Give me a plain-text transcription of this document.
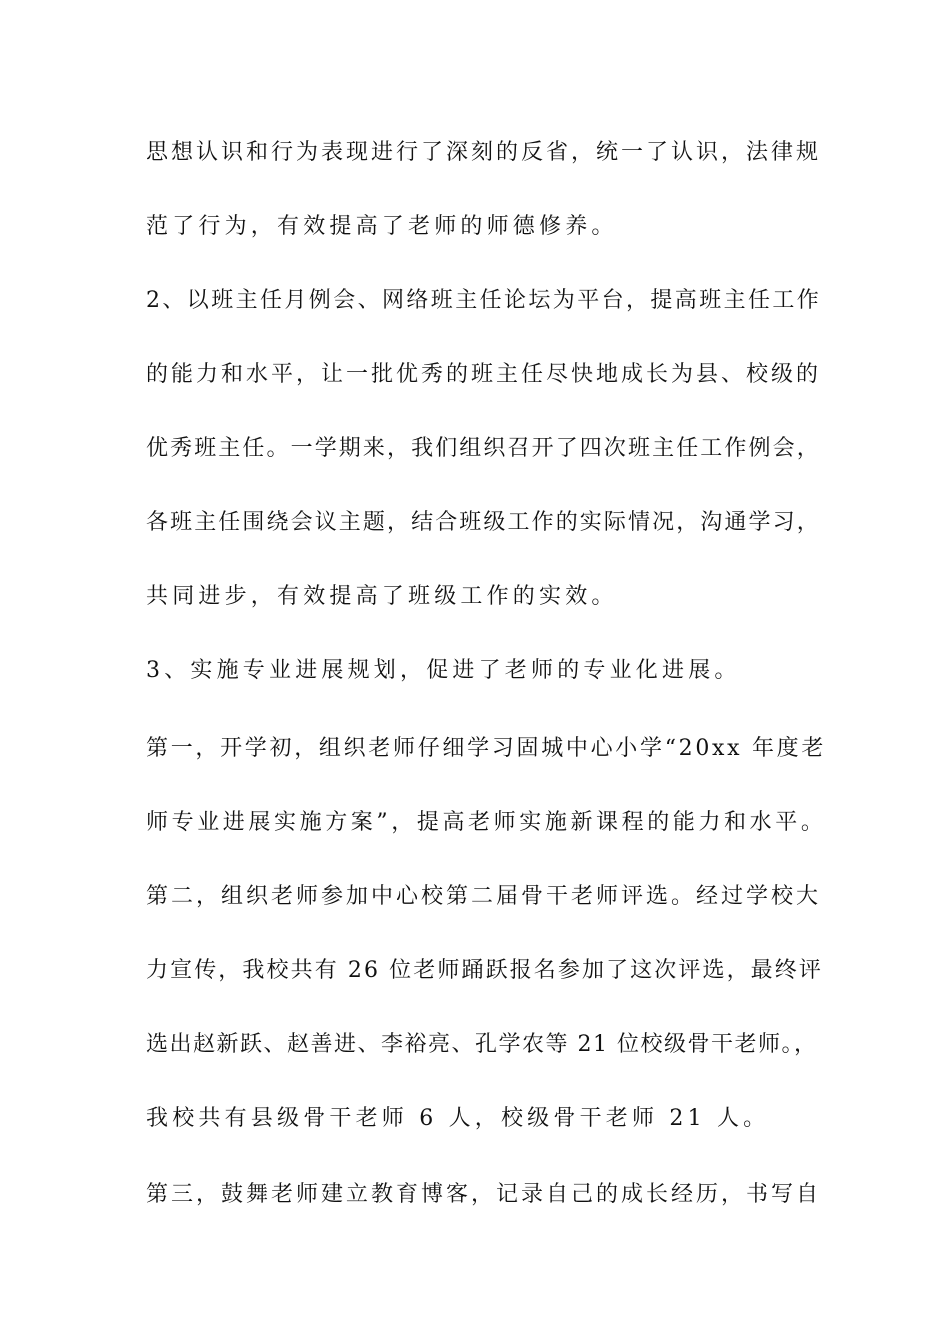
思想认识和行为表现进行了深刻的反省，统一了认识，法律规
范了行为，有效提高了老师的师德修养。
2、以班主任月例会、网络班主任论坛为平台，提高班主任工作
的能力和水平，让一批优秀的班主任尽快地成长为县、校级的
优秀班主任。一学期来，我们组织召开了四次班主任工作例会，
各班主任围绕会议主题，结合班级工作的实际情况，沟通学习，
共同进步，有效提高了班级工作的实效。
3、实施专业进展规划，促进了老师的专业化进展。
第一，开学初，组织老师仔细学习固城中心小学“20xx 年度老
师专业进展实施方案”，提高老师实施新课程的能力和水平。
第二，组织老师参加中心校第二届骨干老师评选。经过学校大
力宣传，我校共有 26 位老师踊跃报名参加了这次评选，最终评
选出赵新跃、赵善进、李裕亮、孔学农等 21 位校级骨干老师。，
我校共有县级骨干老师 6 人，校级骨干老师 21 人。
第三，鼓舞老师建立教育博客，记录自己的成长经历，书写自
